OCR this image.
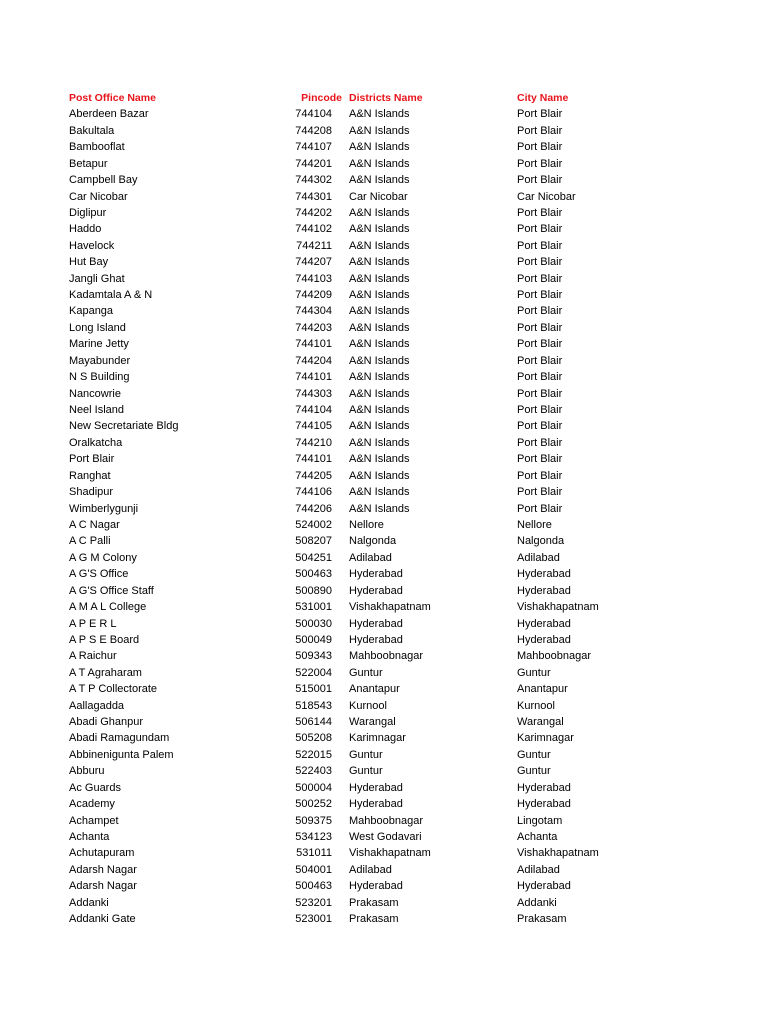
Post Office Name	Pincode Districts Name	City Name
Aberdeen Bazar	744104 A&N Islands	Port Blair
Bakultala	744208 A&N Islands	Port Blair
Bambooflat	744107 A&N Islands	Port Blair
Betapur	744201 A&N Islands	Port Blair
Campbell Bay	744302 A&N Islands	Port Blair
Car Nicobar	744301 Car Nicobar	Car Nicobar
Diglipur	744202 A&N Islands	Port Blair
Haddo	744102 A&N Islands	Port Blair
Havelock	744211 A&N Islands	Port Blair
Hut Bay	744207 A&N Islands	Port Blair
Jangli Ghat	744103 A&N Islands	Port Blair
Kadamtala A & N	744209 A&N Islands	Port Blair
Kapanga	744304 A&N Islands	Port Blair
Long Island	744203 A&N Islands	Port Blair
Marine Jetty	744101 A&N Islands	Port Blair
Mayabunder	744204 A&N Islands	Port Blair
N S Building	744101 A&N Islands	Port Blair
Nancowrie	744303 A&N Islands	Port Blair
Neel Island	744104 A&N Islands	Port Blair
New Secretariate Bldg	744105 A&N Islands	Port Blair
Oralkatcha	744210 A&N Islands	Port Blair
Port Blair	744101 A&N Islands	Port Blair
Ranghat	744205 A&N Islands	Port Blair
Shadipur	744106 A&N Islands	Port Blair
Wimberlygunji	744206 A&N Islands	Port Blair
A C Nagar	524002 Nellore	Nellore
A C Palli	508207 Nalgonda	Nalgonda
A G M Colony	504251 Adilabad	Adilabad
A G'S Office	500463 Hyderabad	Hyderabad
A G'S Office Staff	500890 Hyderabad	Hyderabad
A M A L College	531001 Vishakhapatnam	Vishakhapatnam
A P E R L	500030 Hyderabad	Hyderabad
A P S E Board	500049 Hyderabad	Hyderabad
A Raichur	509343 Mahboobnagar	Mahboobnagar
A T Agraharam	522004 Guntur	Guntur
A T P Collectorate	515001 Anantapur	Anantapur
Aallagadda	518543 Kurnool	Kurnool
Abadi Ghanpur	506144 Warangal	Warangal
Abadi Ramagundam	505208 Karimnagar	Karimnagar
Abbinenigunta Palem	522015 Guntur	Guntur
Abburu	522403 Guntur	Guntur
Ac Guards	500004 Hyderabad	Hyderabad
Academy	500252 Hyderabad	Hyderabad
Achampet	509375 Mahboobnagar	Lingotam
Achanta	534123 West Godavari	Achanta
Achutapuram	531011 Vishakhapatnam	Vishakhapatnam
Adarsh Nagar	504001 Adilabad	Adilabad
Adarsh Nagar	500463 Hyderabad	Hyderabad
Addanki	523201 Prakasam	Addanki
Addanki Gate	523001 Prakasam	Prakasam
